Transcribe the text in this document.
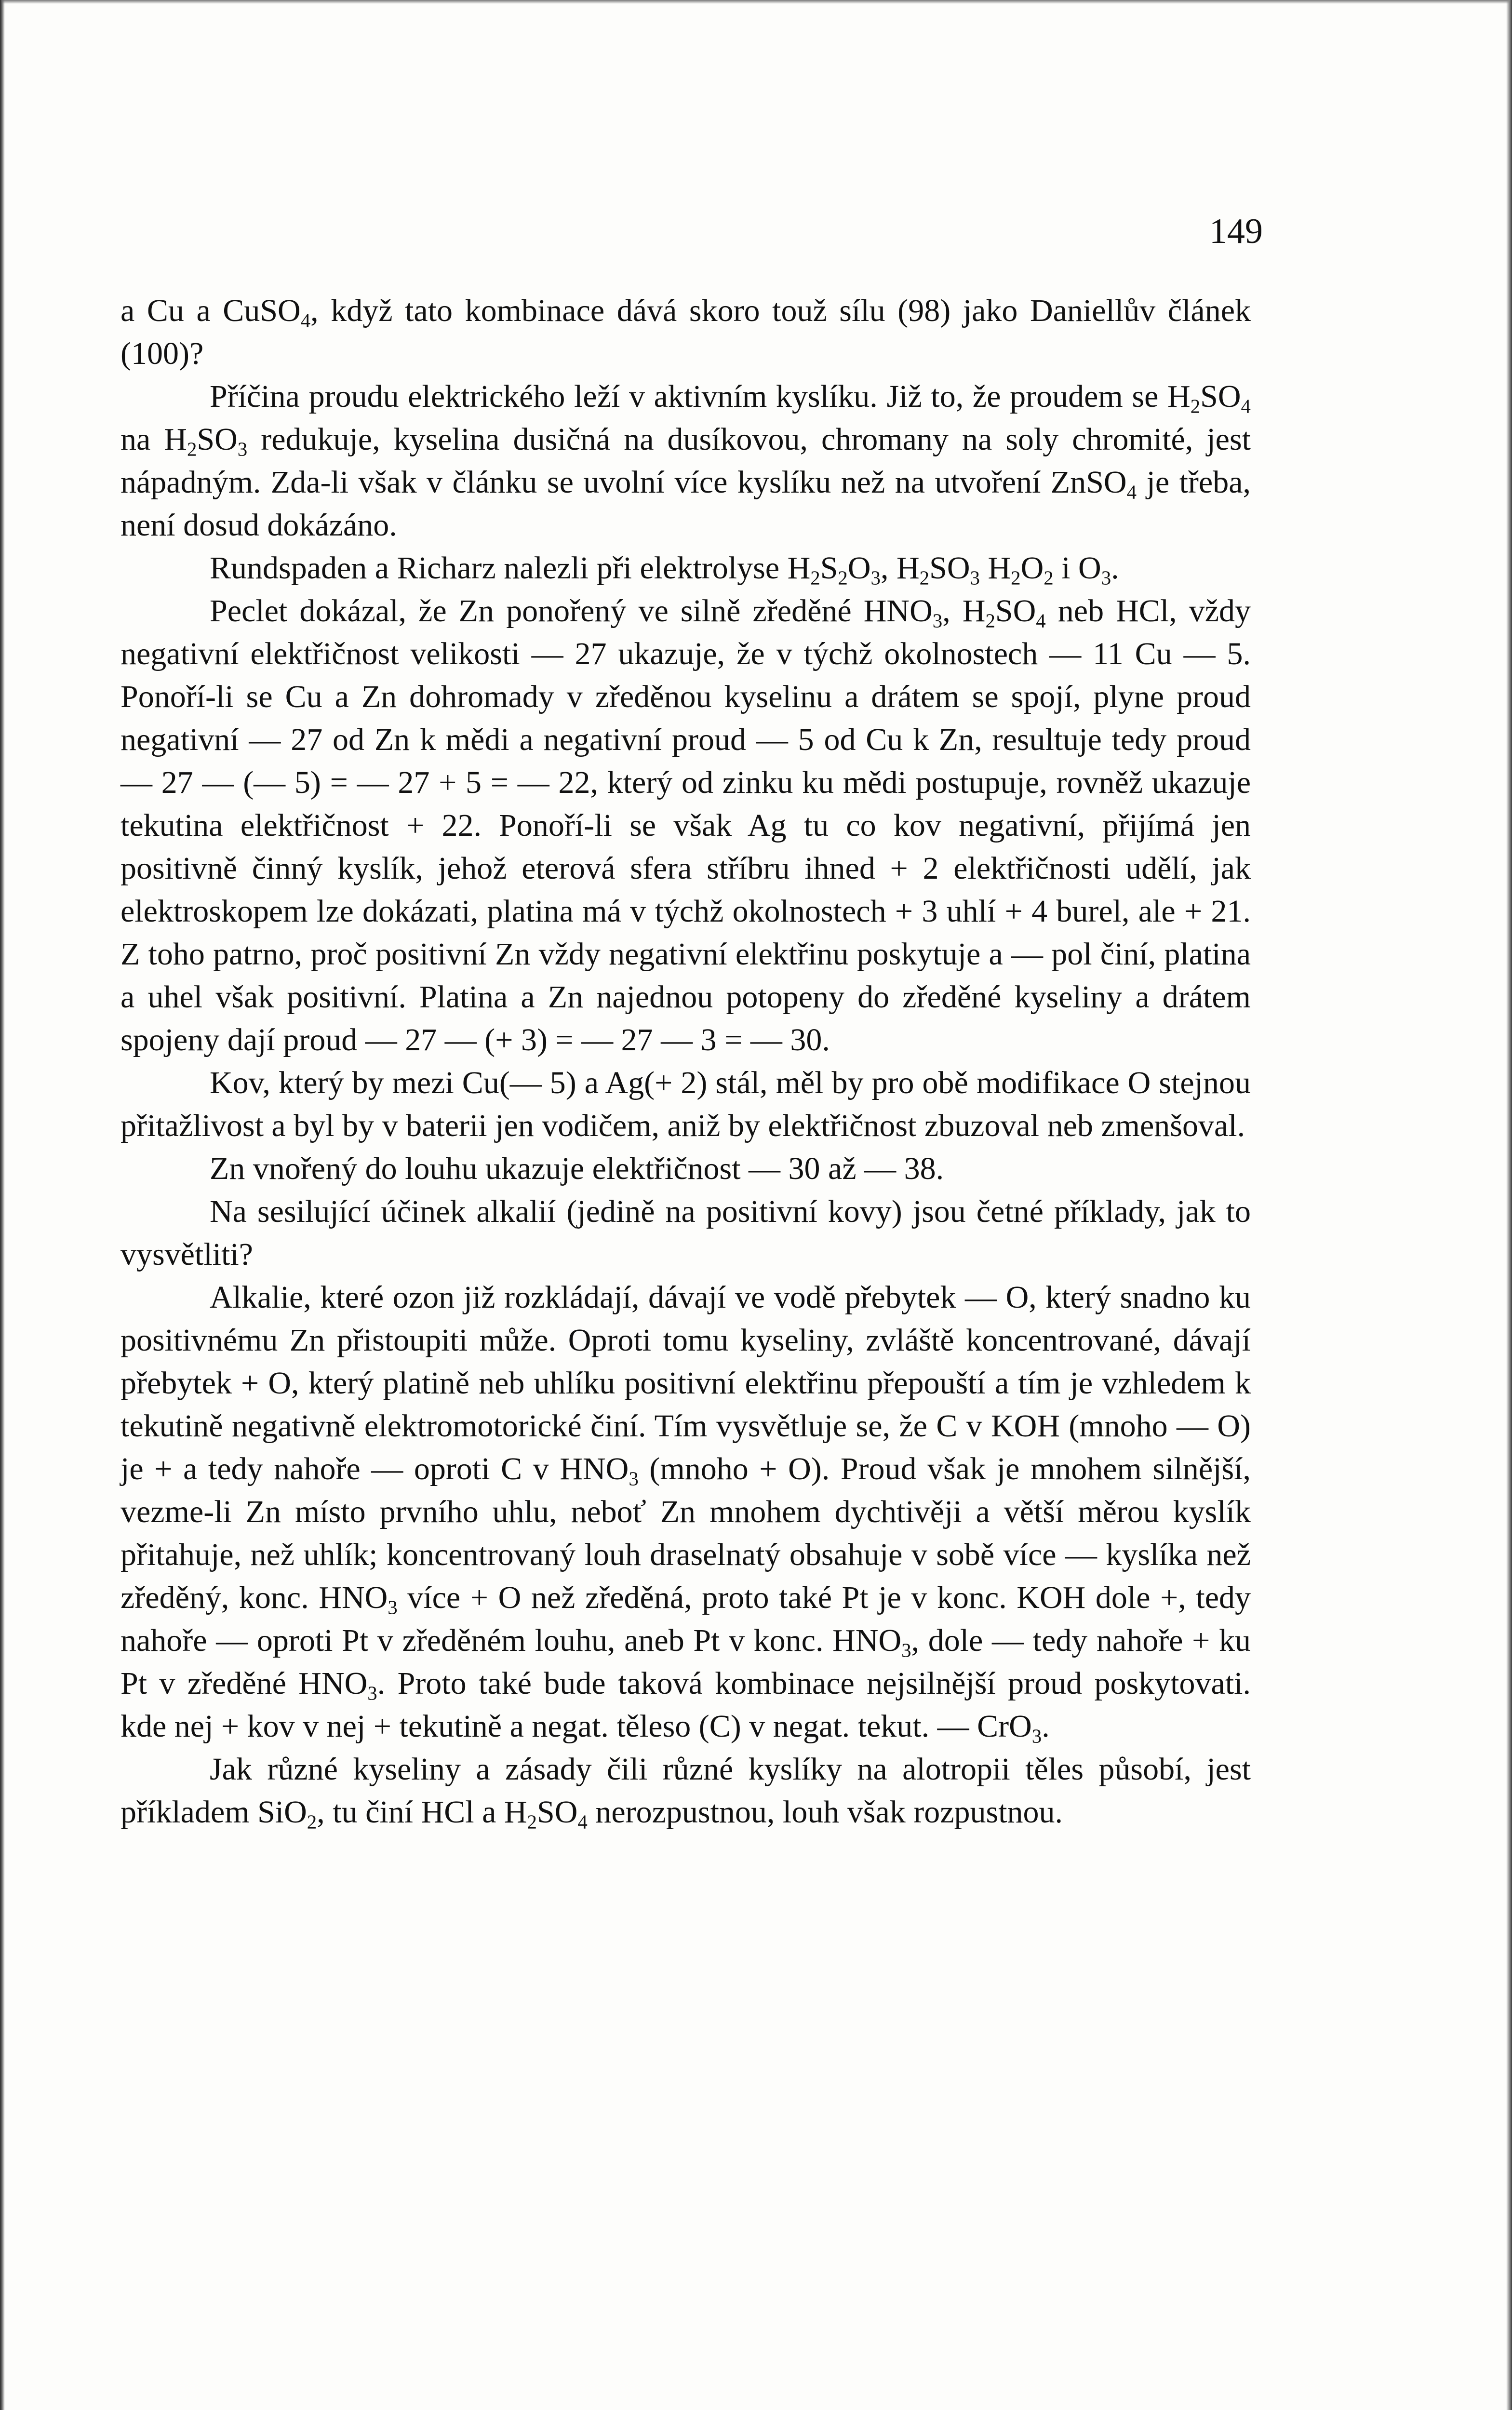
149

a Cu a CuSO$_4$, když tato kombinace dává skoro touž sílu (98) jako Daniellův článek (100)?

Příčina proudu elektrického leží v aktivním kyslíku. Již to, že proudem se $H_2SO_4$ na $H_2SO_3$ redukuje, kyselina dusičná na dusíkovou, chromany na soly chromité, jest nápadným. Zda-li však v článku se uvolní více kyslíku než na utvoření ZnSO$_4$ je třeba, není dosud dokázáno.

Rundspaden a Richarz nalezli při elektrolyse $H_2S_2O_3$, $H_2SO_3$ $H_2O_2$ i $O_3$.

Peclet dokázal, že Zn ponořený ve silně zředěné $HNO_3$, $H_2SO_4$ neb HCl, vždy negativní elektřičnost velikosti — 27 ukazuje, že v týchž okolnostech — 11 Cu — 5. Ponoří-li se Cu a Zn dohromady v zředěnou kyselinu a drátem se spojí, plyne proud negativní — 27 od Zn k mědi a negativní proud — 5 od Cu k Zn, resultuje tedy proud — 27 — (— 5) = — 27 + 5 = — 22, který od zinku ku mědi postupuje, rovněž ukazuje tekutina elektřičnost + 22. Ponoří-li se však Ag tu co kov negativní, přijímá jen positivně činný kyslík, jehož eterová sfera stříbru ihned + 2 elektřičnosti udělí, jak elektroskopem lze dokázati, platina má v týchž okolnostech + 3 uhlí + 4 burel, ale + 21. Z toho patrno, proč positivní Zn vždy negativní elektřinu poskytuje a — pol činí, platina a uhel však positivní. Platina a Zn najednou potopeny do zředěné kyseliny a drátem spojeny dají proud — 27 — (+ 3) = — 27 — 3 = — 30.

Kov, který by mezi Cu(— 5) a Ag(+ 2) stál, měl by pro obě modifikace O stejnou přitažlivost a byl by v baterii jen vodičem, aniž by elektřičnost zbuzoval neb zmenšoval.

Zn vnořený do louhu ukazuje elektřičnost — 30 až — 38.

Na sesilující účinek alkalií (jedině na positivní kovy) jsou četné příklady, jak to vysvětliti?

Alkalie, které ozon již rozkládají, dávají ve vodě přebytek — O, který snadno ku positivnému Zn přistoupiti může. Oproti tomu kyseliny, zvláště koncentrované, dávají přebytek + O, který platině neb uhlíku positivní elektřinu přepouští a tím je vzhledem k tekutině negativně elektromotorické činí. Tím vysvětluje se, že C v KOH (mnoho — O) je + a tedy nahoře — oproti C v $HNO_3$ (mnoho + O). Proud však je mnohem silnější, vezme-li Zn místo prvního uhlu, neboť Zn mnohem dychtivěji a větší měrou kyslík přitahuje, než uhlík; koncentrovaný louh draselnatý obsahuje v sobě více — kyslíka než zředěný, konc. $HNO_3$ více + O než zředěná, proto také Pt je v konc. KOH dole +, tedy nahoře — oproti Pt v zředěném louhu, aneb Pt v konc. $HNO_3$, dole — tedy nahoře + ku Pt v zředěné $HNO_3$. Proto také bude taková kombinace nejsilnější proud poskytovati. kde nej + kov v nej + tekutině a negat. těleso (C) v negat. tekut. — CrO$_3$.

Jak různé kyseliny a zásady čili různé kyslíky na alotropii těles působí, jest příkladem SiO$_2$, tu činí HCl a $H_2SO_4$ nerozpustnou, louh však rozpustnou.
